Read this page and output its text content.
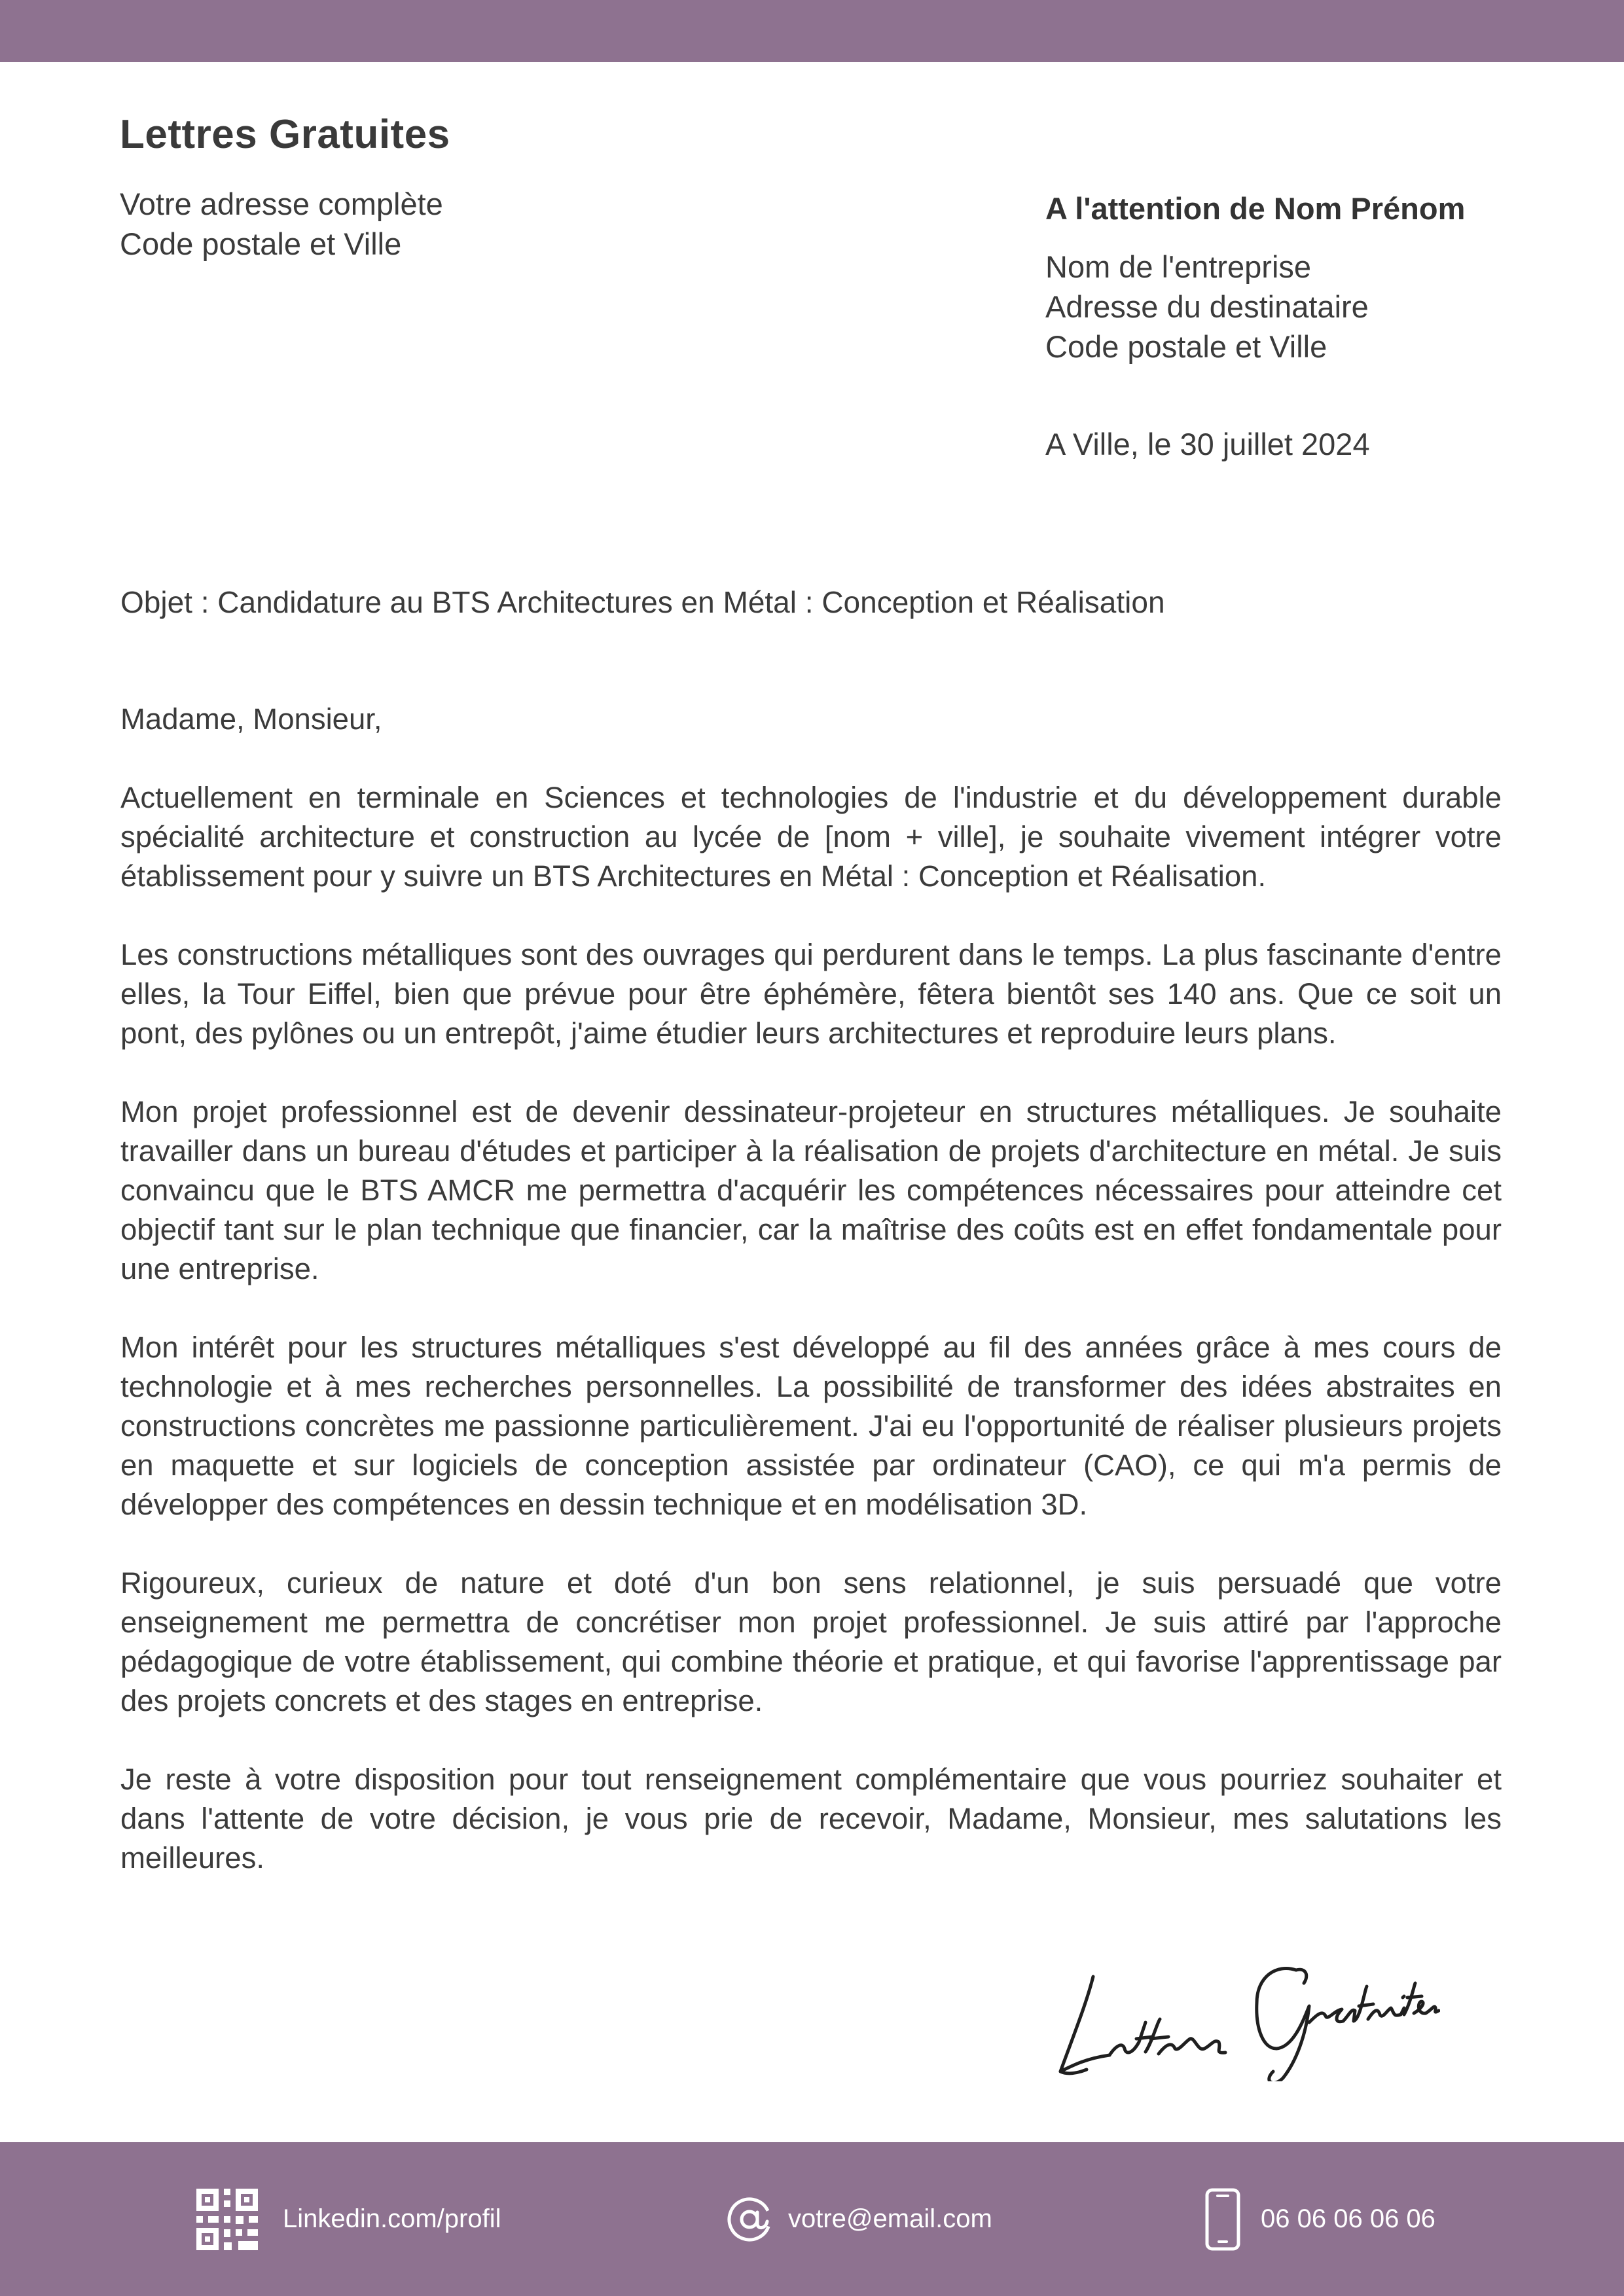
Lettres Gratuites
Votre adresse complète
Code postale et Ville
A l'attention de Nom Prénom
Nom de l'entreprise
Adresse du destinataire
Code postale et Ville
A Ville, le 30 juillet 2024
Objet : Candidature au BTS Architectures en Métal : Conception et Réalisation

Madame, Monsieur,

Actuellement en terminale en Sciences et technologies de l'industrie et du développement durable spécialité architecture et construction au lycée de [nom + ville], je souhaite vivement intégrer votre établissement pour y suivre un BTS Architectures en Métal : Conception et Réalisation.

Les constructions métalliques sont des ouvrages qui perdurent dans le temps. La plus fascinante d'entre elles, la Tour Eiffel, bien que prévue pour être éphémère, fêtera bientôt ses 140 ans. Que ce soit un pont, des pylônes ou un entrepôt, j'aime étudier leurs architectures et reproduire leurs plans.

Mon projet professionnel est de devenir dessinateur-projeteur en structures métalliques. Je souhaite travailler dans un bureau d'études et participer à la réalisation de projets d'architecture en métal. Je suis convaincu que le BTS AMCR me permettra d'acquérir les compétences nécessaires pour atteindre cet objectif tant sur le plan technique que financier, car la maîtrise des coûts est en effet fondamentale pour une entreprise.

Mon intérêt pour les structures métalliques s'est développé au fil des années grâce à mes cours de technologie et à mes recherches personnelles. La possibilité de transformer des idées abstraites en constructions concrètes me passionne particulièrement. J'ai eu l'opportunité de réaliser plusieurs projets en maquette et sur logiciels de conception assistée par ordinateur (CAO), ce qui m'a permis de développer des compétences en dessin technique et en modélisation 3D.

Rigoureux, curieux de nature et doté d'un bon sens relationnel, je suis persuadé que votre enseignement me permettra de concrétiser mon projet professionnel. Je suis attiré par l'approche pédagogique de votre établissement, qui combine théorie et pratique, et qui favorise l'apprentissage par des projets concrets et des stages en entreprise.

Je reste à votre disposition pour tout renseignement complémentaire que vous pourriez souhaiter et dans l'attente de votre décision, je vous prie de recevoir, Madame, Monsieur, mes salutations les meilleures.

Linkedin.com/profil	votre@email.com	06 06 06 06 06
